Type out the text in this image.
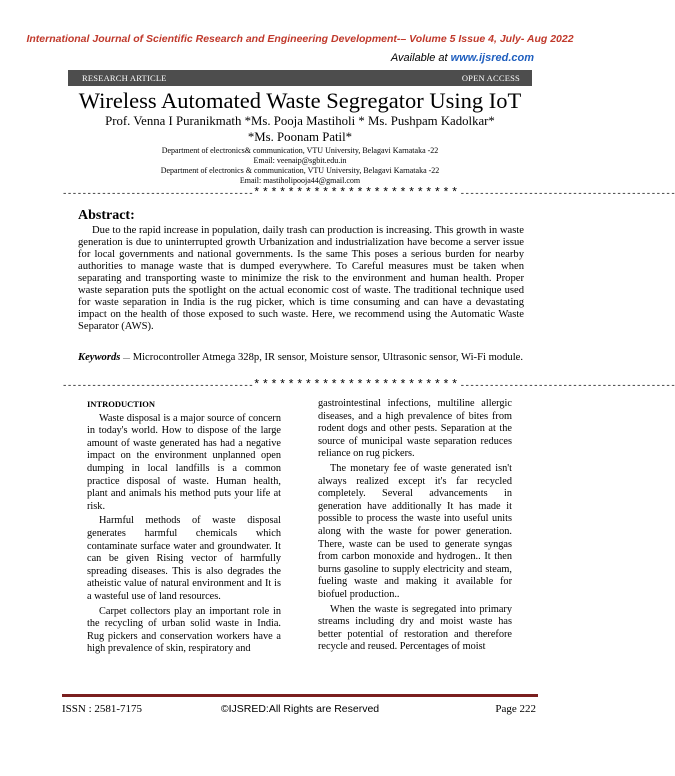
International Journal of Scientific Research and Engineering Development-– Volume 5 Issue 4, July- Aug 2022
Available at www.ijsred.com
RESEARCH ARTICLE	OPEN ACCESS
Wireless Automated Waste Segregator Using IoT
Prof. Venna I Puranikmath *Ms. Pooja Mastiholi * Ms. Pushpam Kadolkar*
*Ms. Poonam Patil*
Department of electronics& communication, VTU University, Belagavi Karnataka -22
Email: veenaip@sgbit.edu.in
Department of electronics & communication, VTU University, Belagavi Karnataka -22
Email: mastiholipooja44@gmail.com
---------------------------------------************************--------------------------------------------
Abstract:
Due to the rapid increase in population, daily trash can production is increasing. This growth in waste generation is due to uninterrupted growth Urbanization and industrialization have become a server issue for local governments and national governments. Is the same This poses a serious burden for nearby authorities to manage waste that is dumped everywhere. To Careful measures must be taken when separating and transporting waste to minimize the risk to the environment and human health. Proper waste separation puts the spotlight on the actual economic cost of waste. The traditional technique used for waste separation in India is the rug picker, which is time consuming and can have a devastating impact on the health of those exposed to such waste. Here, we recommend using the Automatic Waste Separator (AWS).
Keywords — Microcontroller Atmega 328p, IR sensor, Moisture sensor, Ultrasonic sensor, Wi-Fi module.
---------------------------------------************************--------------------------------------------

INTRODUCTION

Waste disposal is a major source of concern in today's world. How to dispose of the large amount of waste generated has had a negative impact on the environment unplanned open dumping in local landfills is a common practice disposal of waste. Human health, plant and animals his method puts your life at risk.

Harmful methods of waste disposal generates harmful chemicals which contaminate surface water and groundwater. It can be given Rising vector of harmfully spreading diseases. This is also degrades the atheistic value of natural environment and It is a wasteful use of land resources.

Carpet collectors play an important role in the recycling of urban solid waste in India. Rug pickers and conservation workers have a high prevalence of skin, respiratory and

gastrointestinal infections, multiline allergic diseases, and a high prevalence of bites from rodent dogs and other pests. Separation at the source of municipal waste separation reduces reliance on rug pickers.

The monetary fee of waste generated isn't always realized except it's far recycled completely. Several advancements in generation have additionally It has made it possible to process the waste into useful units along with the waste for power generation. There, waste can be used to generate syngas from carbon monoxide and hydrogen.. It then burns gasoline to supply electricity and steam, fueling waste and making it available for biofuel production..

When the waste is segregated into primary streams including dry and moist waste has better potential of restoration and therefore recycle and reused. Percentages of moist

ISSN : 2581-7175	©IJSRED:All Rights are Reserved	Page 222
